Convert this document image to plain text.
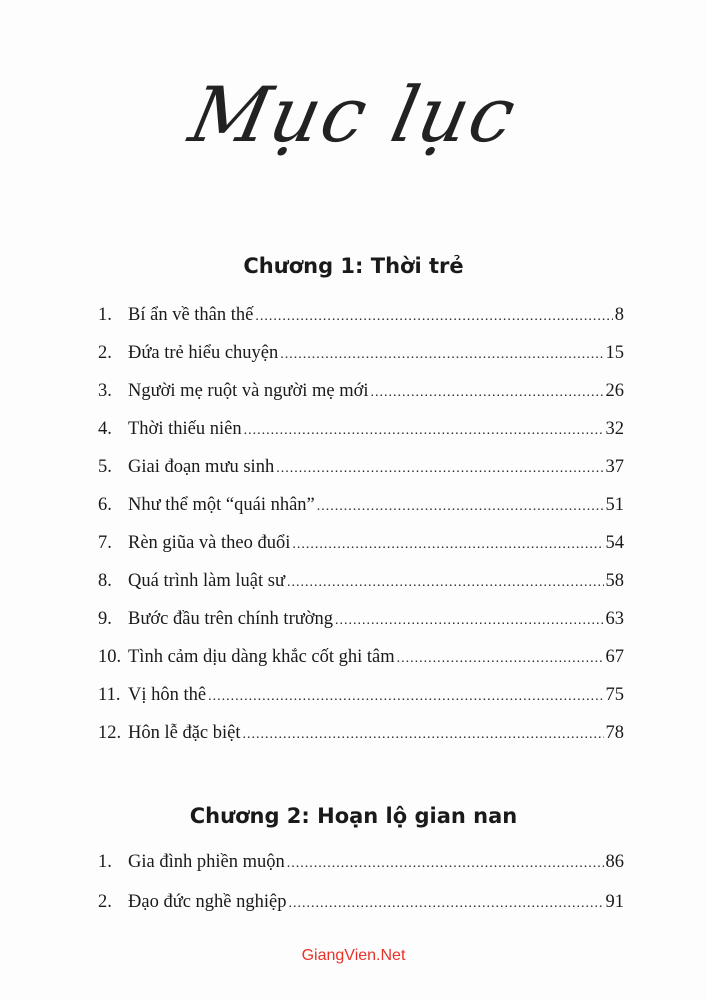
Mục lục
Chương 1: Thời trẻ
Chương 2: Hoạn lộ gian nan
1. Bí ẩn về thân thế .....	8
2. Đứa trẻ hiểu chuyện .....	15
3. Người mẹ ruột và người mẹ mới .....	26
4. Thời thiếu niên .....	32
5. Giai đoạn mưu sinh .....	37
6. Như thể một “quái nhân” .....	51
7. Rèn giũa và theo đuổi .....	54
8. Quá trình làm luật sư .....	58
9. Bước đầu trên chính trường .....	63
10. Tình cảm dịu dàng khắc cốt ghi tâm .....	67
11. Vị hôn thê .....	75
12. Hôn lễ đặc biệt .....	78
1. Gia đình phiền muộn .....	86
2. Đạo đức nghề nghiệp .....	91
GiangVien.Net
